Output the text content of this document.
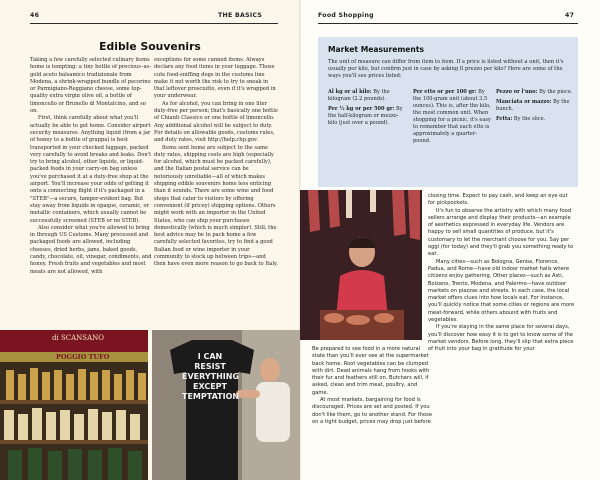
46	THE BASICS	Food Shopping	47
Edible Souvenirs

Taking a few carefully selected culinary items home is tempting: a tiny bottle of precious–as-gold aceto balsamico tradizionale from Modena, a shrink-wrapped bundle of pecorino or Parmigiano-Reggiano cheese, some top-quality extra virgin olive oil, a bottle of limoncello or Brunello di Montalcino, and so on.

First, think carefully about what you'll actually be able to get home. Consider airport security measures. Anything liquid (from a jar of honey to a bottle of grappa) is best transported in your checked luggage, packed very carefully to avoid breaks and leaks. Don't try to bring alcohol, other liquids, or liquid-packed foods in your carry-on bag unless you've purchased it at a duty-free shop at the airport. You'll increase your odds of getting it onto a connecting flight if it's packaged in a "STEB"—a secure, tamper-evident bag. But stay away from liquids in opaque, ceramic, or metallic containers, which usually cannot be successfully screened (STEB or no STEB).

Also consider what you're allowed to bring in through US Customs. Many processed and packaged foods are allowed, including cheeses, dried herbs, jams, baked goods, candy, chocolate, oil, vinegar, condiments, and honey. Fresh fruits and vegetables and most meats are not allowed, with

exceptions for some canned items. Always declare any food items in your luggage. Those cute food-sniffing dogs in the customs line make it not worth the risk to try to sneak in that leftover prosciutto, even if it's wrapped in your underwear.

As for alcohol, you can bring in one liter duty-free per person; that's basically one bottle of Chianti Classico or one bottle of limoncello. Any additional alcohol will be subject to duty. For details on allowable goods, customs rules, and duty rates, visit http://help.cbp.gov.

Items sent home are subject to the same duty rates, shipping costs are high (especially for alcohol, which must be packed carefully), and the Italian postal service can be notoriously unreliable—all of which makes shipping edible souvenirs home less enticing than it sounds. There are some wine and food shops that cater to visitors by offering convenient (if pricey) shipping options. Others might work with an importer in the United States, who can ship your purchases domestically (which is much simpler). Still, the best advice may be to pack home a few carefully selected favorites, try to find a good Italian food or wine importer in your community to stock up between trips—and then have even more reason to go back to Italy.

di SCANSANO
POGGIO TUFO	I CAN RESIST EVERYTHING EXCEPT TEMPTATION
Market Measurements
The unit of measure can differ from item to item. If a price is listed without a unit, then it's usually per kilo, but confirm just in case by asking Il prezzo per kilo? Here are some of the ways you'll see prices listed:

Al kg or al kilo: By the kilogram (2.2 pounds).

Per ½ kg or per 500 gr: By the half-kilogram or mezzo-kilo (just over a pound).

Per etto or per 100 gr: By the 100-gram unit (about 3.5 ounces). This is, after the kilo, the most common unit. When shopping for a picnic, it's easy to remember that each etto is approximately a quarter-pound.

Pezzo or l'uno: By the piece.

Manciata or mazzo: By the bunch.

Fetta: By the slice.

Be prepared to see food in a more natural state than you'll ever see at the supermarket back home. Root vegetables can be clumped with dirt. Dead animals hang from hooks with their fur and feathers still on. Butchers will, if asked, clean and trim meat, poultry, and game.

At most markets, bargaining for food is discouraged. Prices are set and posted. If you don't like them, go to another stand. For those on a tight budget, prices may drop just before

closing time. Expect to pay cash, and keep an eye out for pickpockets.

It's fun to observe the artistry with which many food sellers arrange and display their products—an example of aesthetics expressed in everyday life. Vendors are happy to sell small quantities of produce, but it's customary to let the merchant choose for you. Say per oggi (for today) and they'll grab you something ready to eat.

Many cities—such as Bologna, Genoa, Florence, Padua, and Rome—have old indoor market halls where citizens enjoy gathering. Other places—such as Asti, Bolzano, Trento, Modena, and Palermo—have outdoor markets on piazzas and streets. In each case, the local market offers clues into how locals eat. For instance, you'll quickly notice that some cities or regions are more meat-forward, while others abound with fruits and vegetables.

If you're staying in the same place for several days, you'll discover how easy it is to get to know some of the market vendors. Before long, they'll slip that extra piece of fruit into your bag in gratitude for your
